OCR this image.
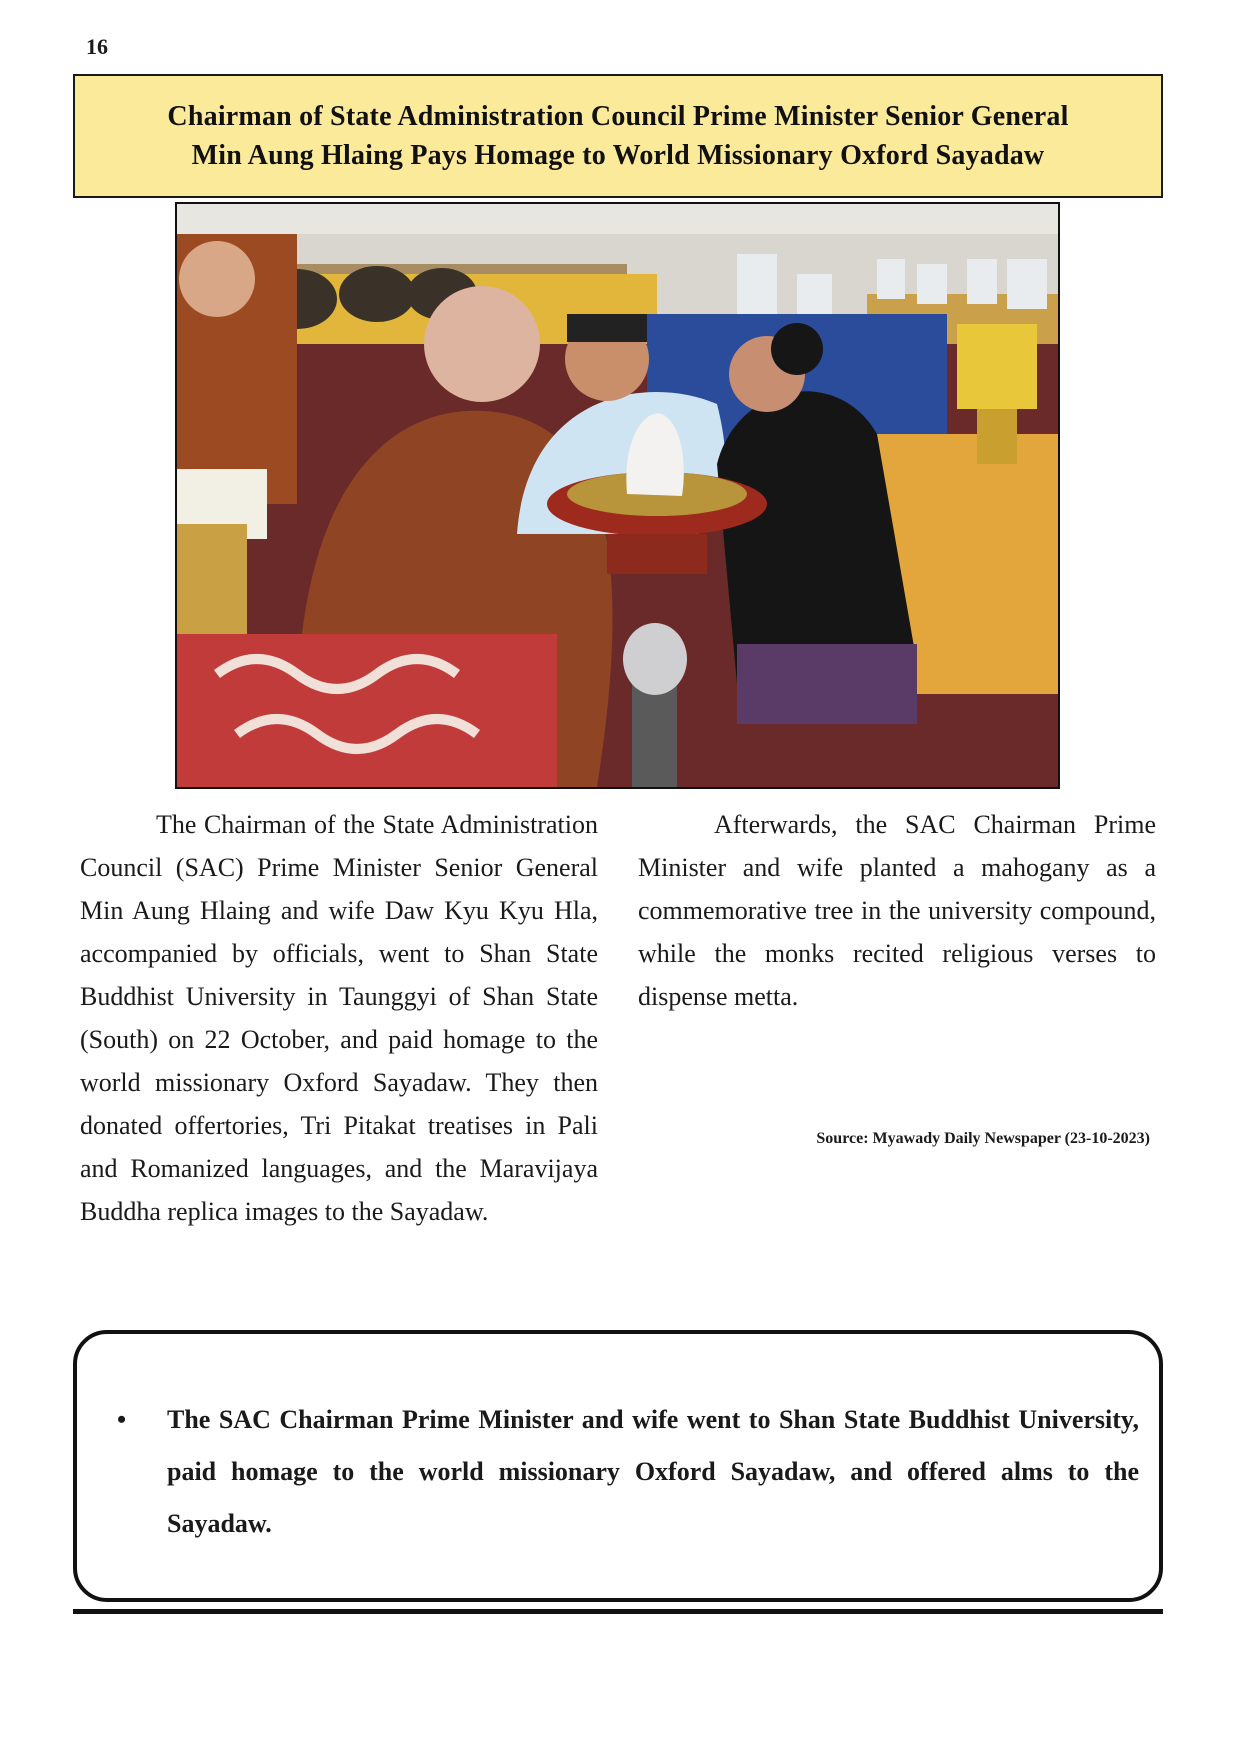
16
Chairman of State Administration Council Prime Minister Senior General
Min Aung Hlaing Pays Homage to World Missionary Oxford Sayadaw

The Chairman of the State Administration Council (SAC) Prime Minister Senior General Min Aung Hlaing and wife Daw Kyu Kyu Hla, accompanied by officials, went to Shan State Buddhist University in Taunggyi of Shan State (South) on 22 October, and paid homage to the world missionary Oxford Sayadaw. They then donated offertories, Tri Pitakat treatises in Pali and Romanized languages, and the Maravijaya Buddha replica images to the Sayadaw.

Afterwards, the SAC Chairman Prime Minister and wife planted a mahogany as a commemorative tree in the university compound, while the monks recited religious verses to dispense metta.

Source: Myawady Daily Newspaper (23-10-2023)
• The SAC Chairman Prime Minister and wife went to Shan State Buddhist University, paid homage to the world missionary Oxford Sayadaw, and offered alms to the Sayadaw.
